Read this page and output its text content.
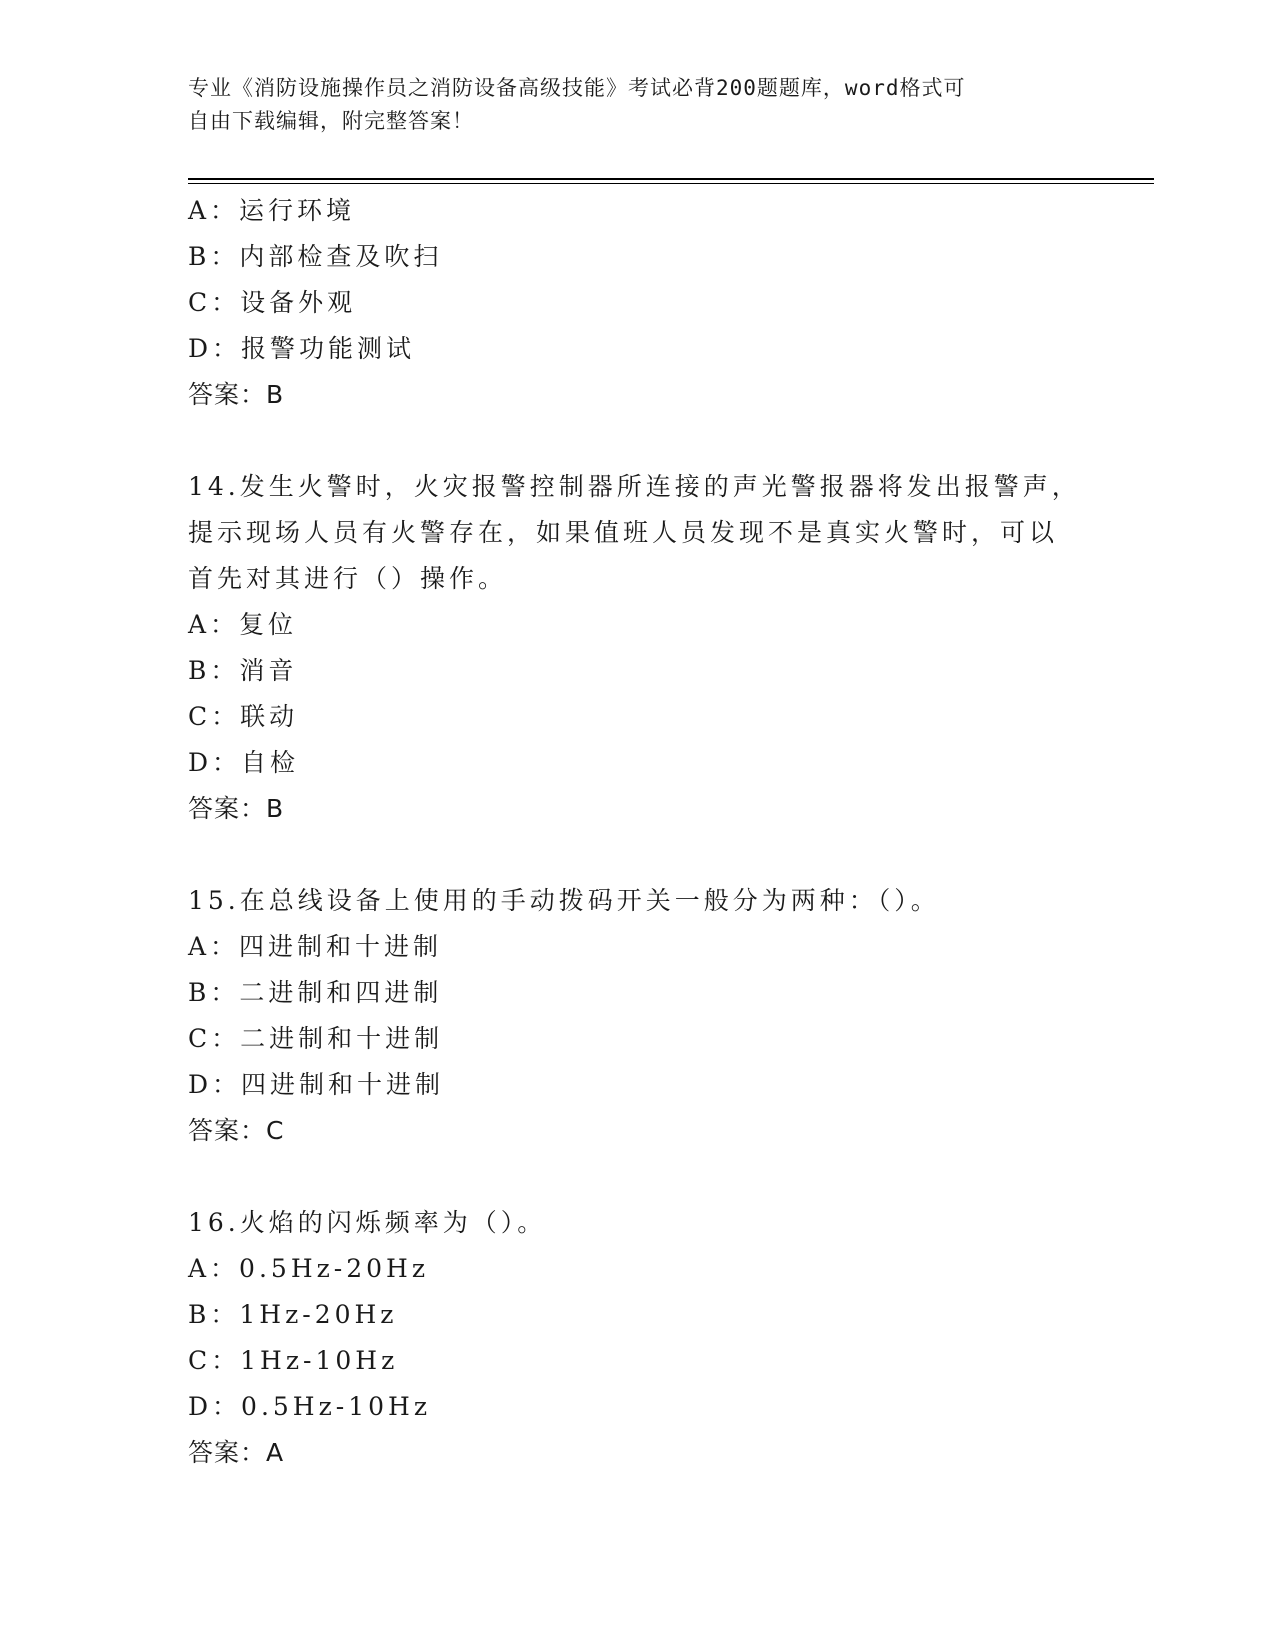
专业《消防设施操作员之消防设备高级技能》考试必背200题题库，word格式可
自由下载编辑，附完整答案！
A：运行环境
B：内部检查及吹扫
C：设备外观
D：报警功能测试
答案：B
14.发生火警时，火灾报警控制器所连接的声光警报器将发出报警声，
提示现场人员有火警存在，如果值班人员发现不是真实火警时，可以
首先对其进行（）操作。
A：复位
B：消音
C：联动
D：自检
答案：B
15.在总线设备上使用的手动拨码开关一般分为两种：（）。
A：四进制和十进制
B：二进制和四进制
C：二进制和十进制
D：四进制和十进制
答案：C
16.火焰的闪烁频率为（）。
A：0.5Hz-20Hz
B：1Hz-20Hz
C：1Hz-10Hz
D：0.5Hz-10Hz
答案：A
